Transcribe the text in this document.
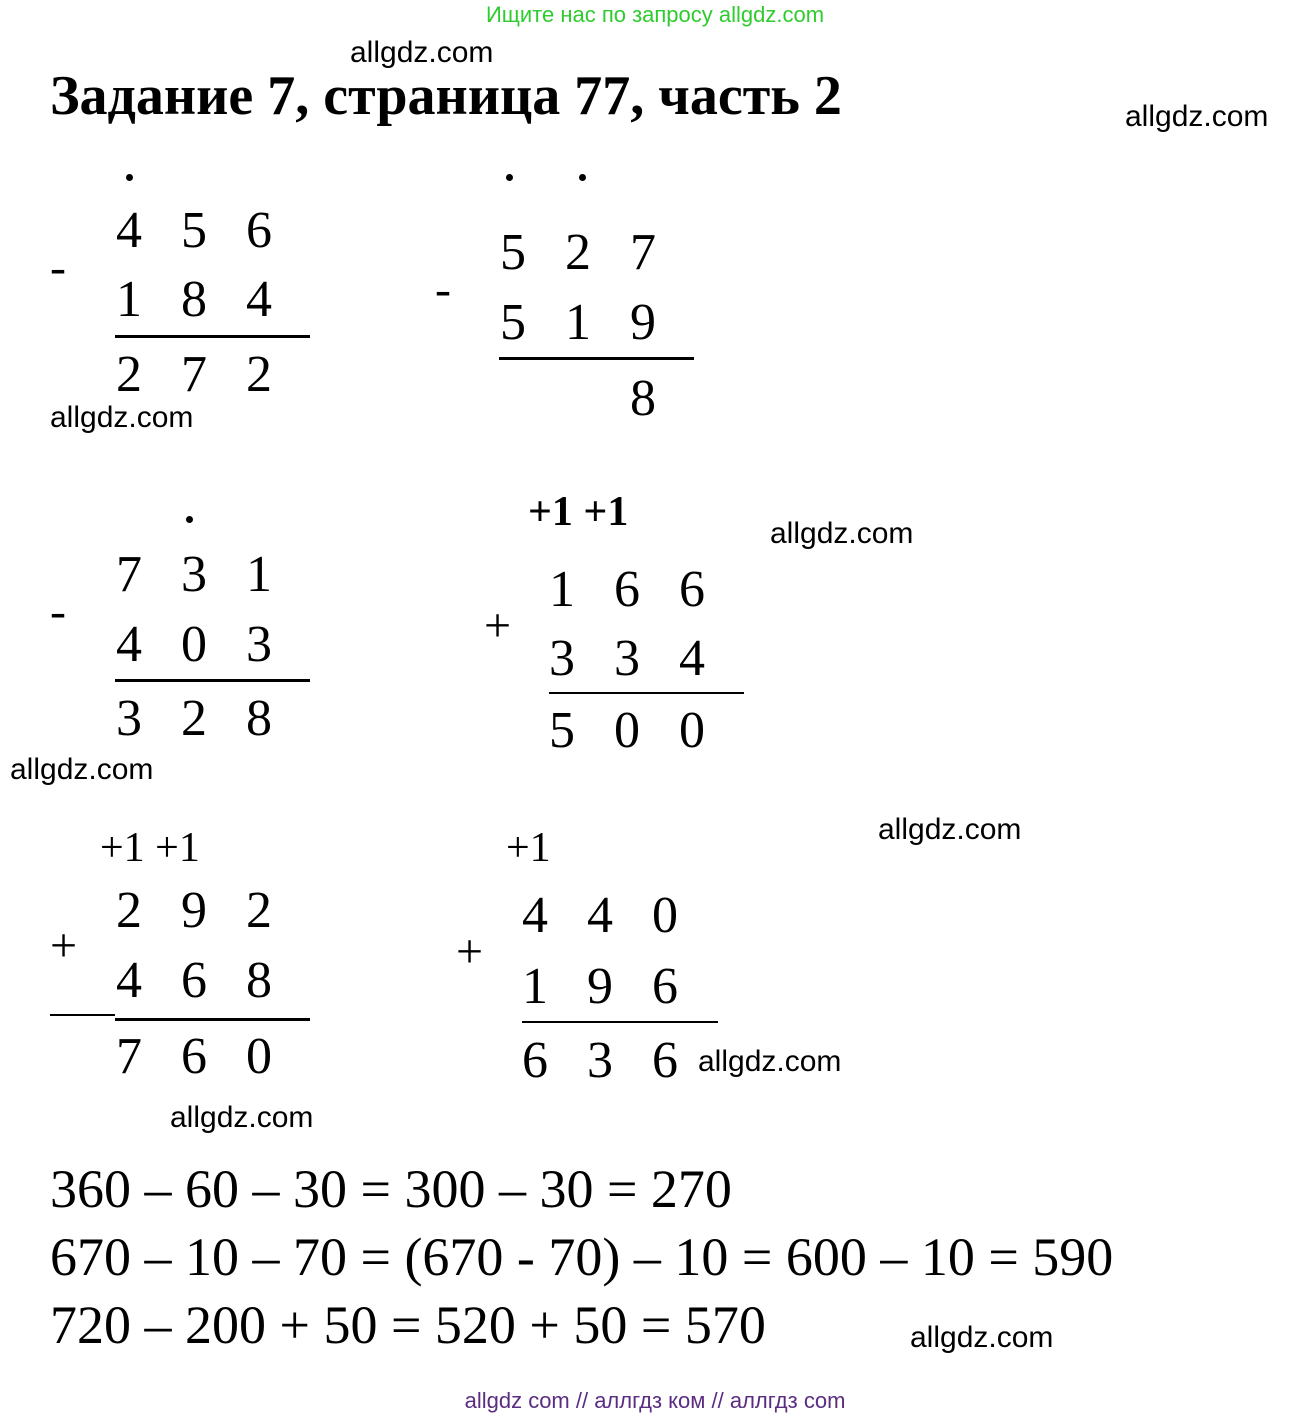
Ищите нас по запросу allgdz.com
allgdz.com
Задание 7, страница 77, часть 2	allgdz.com
4 5 6
-
1 8 4
2 7 2
allgdz.com
5 2 7
-
5 1 9
8
7 3 1
-
4 0 3
3 2 8
allgdz.com
+1 +1
1 6 6
+
3 3 4
5 0 0
allgdz.com
+1 +1
2 9 2
+
4 6 8
7 6 0
+1
4 4 0
+
1 9 6
6 3 6
allgdz.com
allgdz.com
allgdz.com
360 – 60 – 30 = 300 – 30 = 270
670 – 10 – 70 = (670 - 70) – 10 = 600 – 10 = 590
720 – 200 + 50 = 520 + 50 = 570	allgdz.com
allgdz com // аллгдз ком // аллгдз com
